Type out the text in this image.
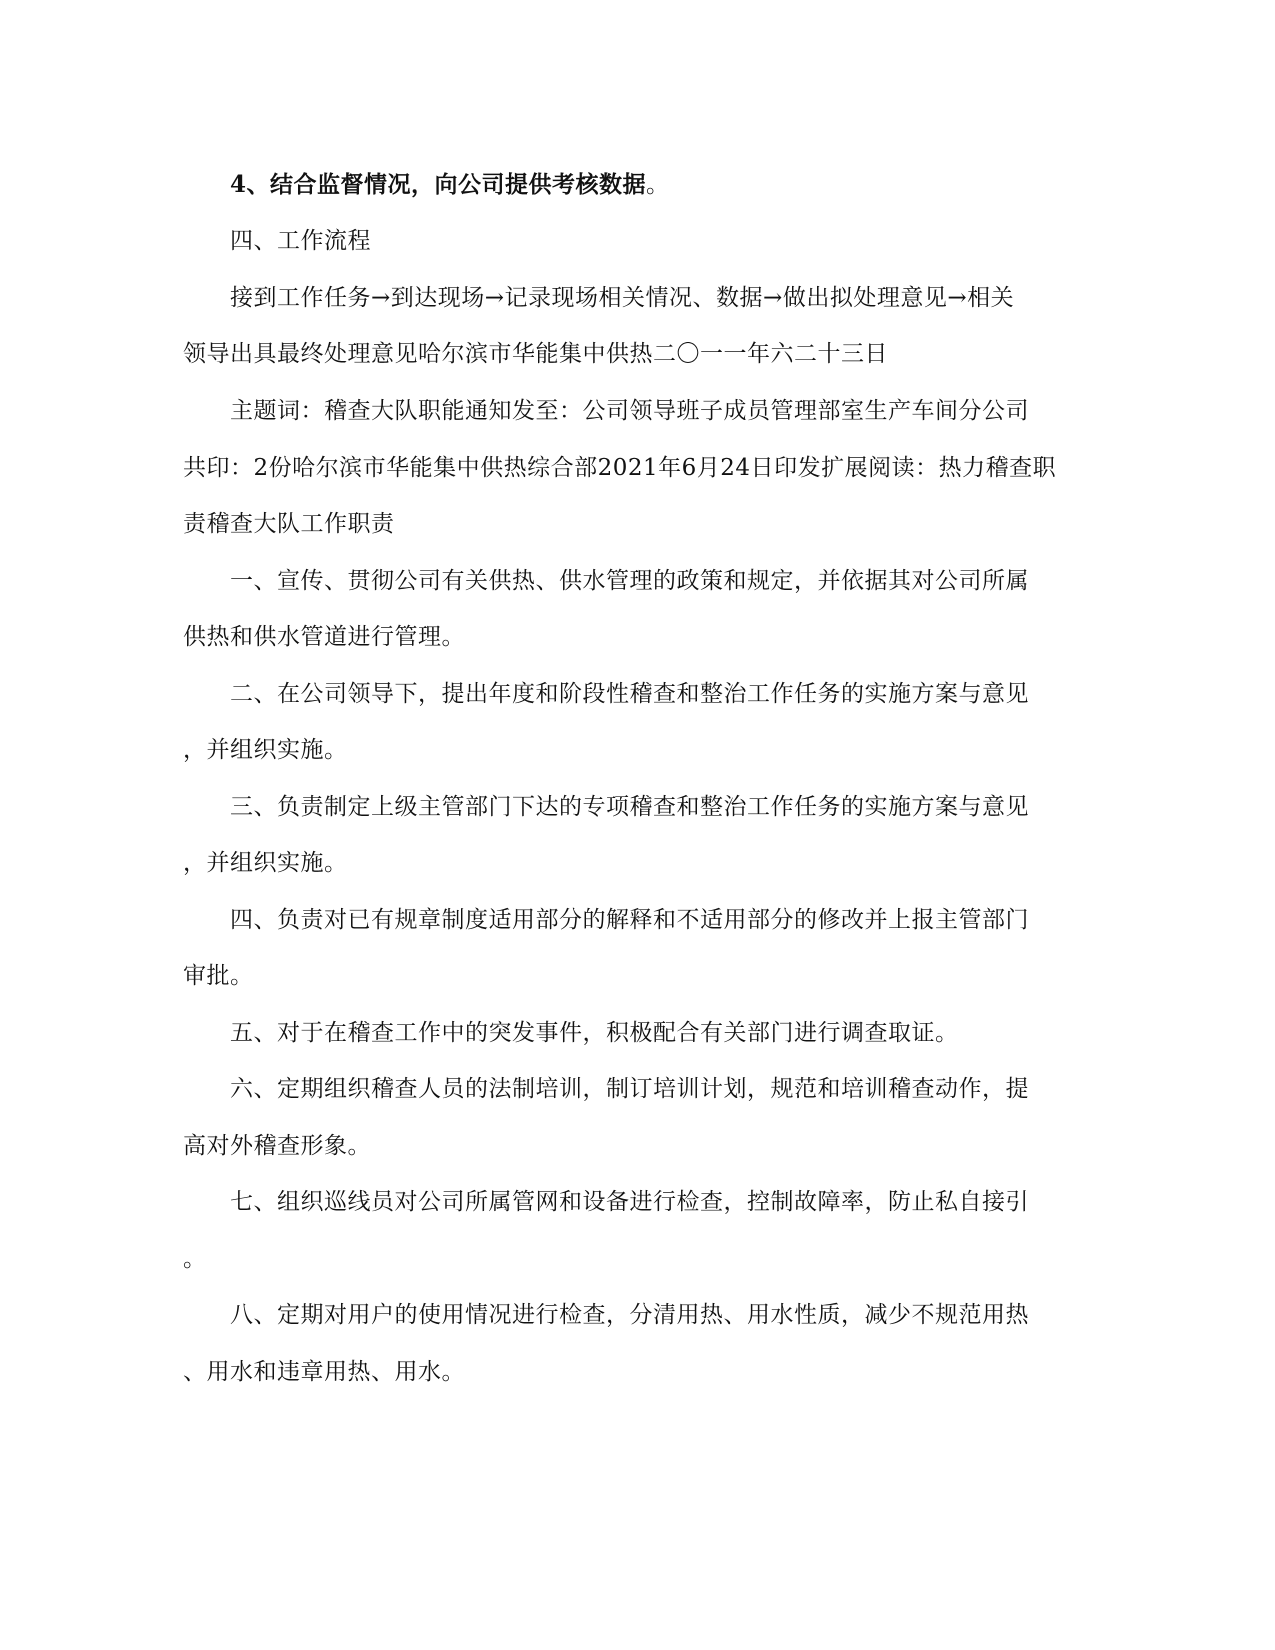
4、结合监督情况，向公司提供考核数据。
　　四、工作流程
　　接到工作任务→到达现场→记录现场相关情况、数据→做出拟处理意见→相关
领导出具最终处理意见哈尔滨市华能集中供热二〇一一年六二十三日
　　主题词：稽查大队职能通知发至：公司领导班子成员管理部室生产车间分公司
共印：2份哈尔滨市华能集中供热综合部2021年6月24日印发扩展阅读：热力稽查职
责稽查大队工作职责
　　一、宣传、贯彻公司有关供热、供水管理的政策和规定，并依据其对公司所属
供热和供水管道进行管理。
　　二、在公司领导下，提出年度和阶段性稽查和整治工作任务的实施方案与意见
，并组织实施。
　　三、负责制定上级主管部门下达的专项稽查和整治工作任务的实施方案与意见
，并组织实施。
　　四、负责对已有规章制度适用部分的解释和不适用部分的修改并上报主管部门
审批。
　　五、对于在稽查工作中的突发事件，积极配合有关部门进行调查取证。
　　六、定期组织稽查人员的法制培训，制订培训计划，规范和培训稽查动作，提
高对外稽查形象。
　　七、组织巡线员对公司所属管网和设备进行检查，控制故障率，防止私自接引
。
　　八、定期对用户的使用情况进行检查，分清用热、用水性质，减少不规范用热
、用水和违章用热、用水。
